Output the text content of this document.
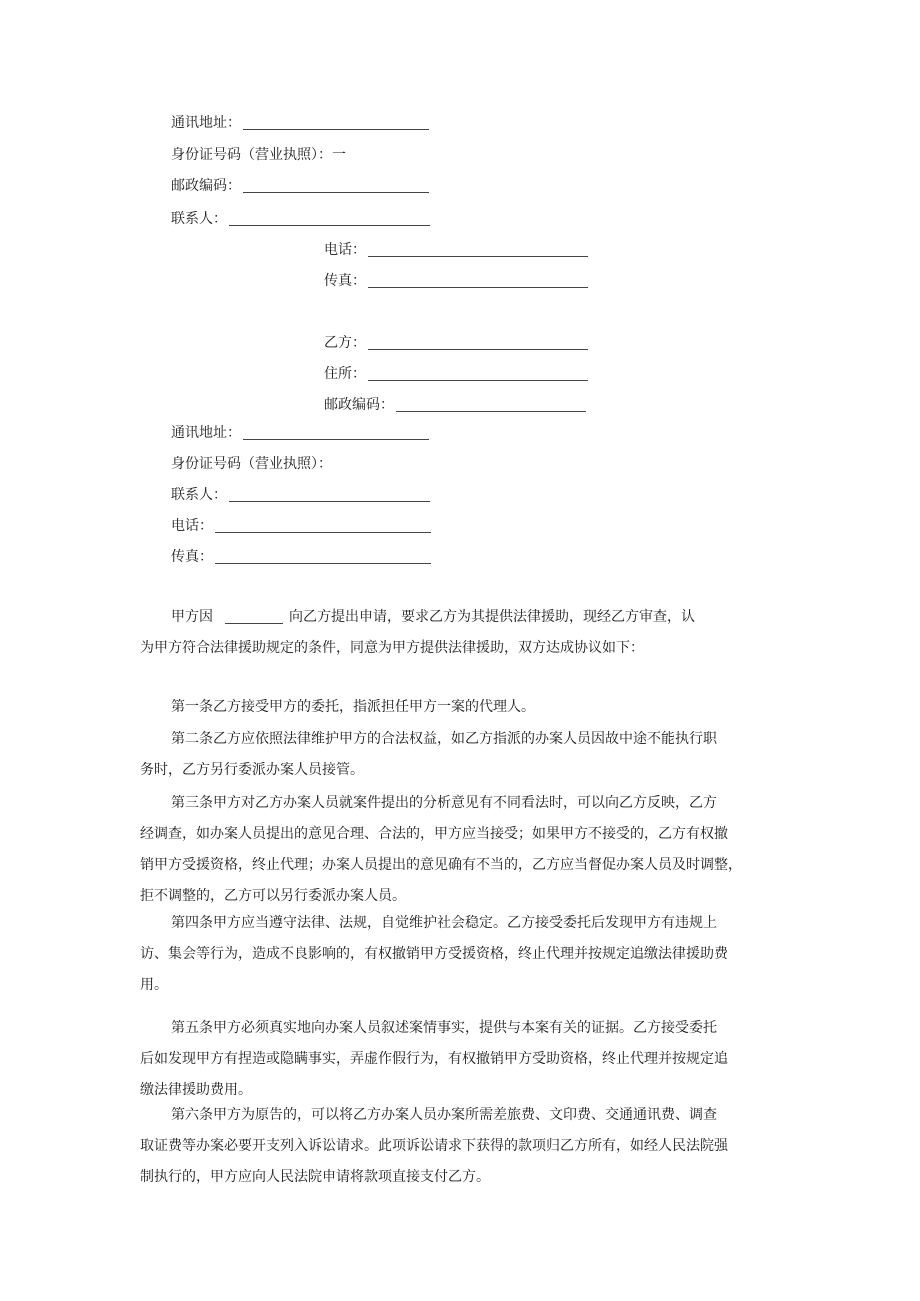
通讯地址：
身份证号码（营业执照）：一
邮政编码：
联系人：
电话：
传真：
乙方：
住所：
邮政编码：
通讯地址：
身份证号码（营业执照）：
联系人：
电话：
传真：
甲方因	向乙方提出申请，要求乙方为其提供法律援助，现经乙方审查，认
为甲方符合法律援助规定的条件，同意为甲方提供法律援助，双方达成协议如下：
第一条乙方接受甲方的委托，指派担任甲方一案的代理人。
第二条乙方应依照法律维护甲方的合法权益，如乙方指派的办案人员因故中途不能执行职
务时，乙方另行委派办案人员接管。
第三条甲方对乙方办案人员就案件提出的分析意见有不同看法时，可以向乙方反映，乙方
经调查，如办案人员提出的意见合理、合法的，甲方应当接受；如果甲方不接受的，乙方有权撤
销甲方受援资格，终止代理；办案人员提出的意见确有不当的，乙方应当督促办案人员及时调整，
拒不调整的，乙方可以另行委派办案人员。
第四条甲方应当遵守法律、法规，自觉维护社会稳定。乙方接受委托后发现甲方有违规上
访、集会等行为，造成不良影响的，有权撤销甲方受援资格，终止代理并按规定追缴法律援助费
用。
第五条甲方必须真实地向办案人员叙述案情事实，提供与本案有关的证据。乙方接受委托
后如发现甲方有捏造或隐瞒事实，弄虚作假行为，有权撤销甲方受助资格，终止代理并按规定追
缴法律援助费用。
第六条甲方为原告的，可以将乙方办案人员办案所需差旅费、文印费、交通通讯费、调查
取证费等办案必要开支列入诉讼请求。此项诉讼请求下获得的款项归乙方所有，如经人民法院强
制执行的，甲方应向人民法院申请将款项直接支付乙方。
